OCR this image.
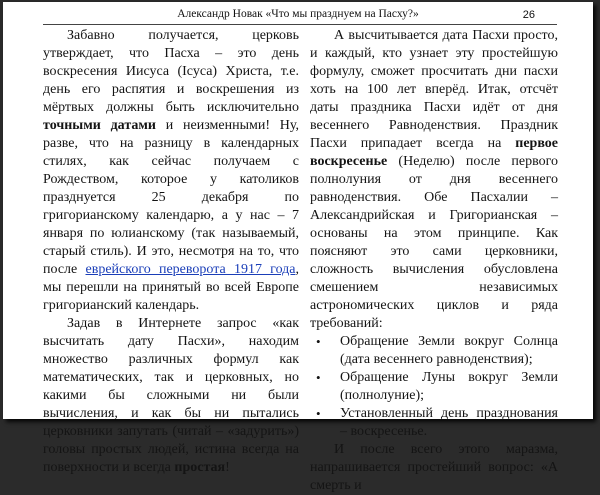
Александр Новак «Что мы празднуем на Пасху?»	26

Забавно получается, церковь утверждает, что Пасха – это день воскресения Иисуса (Ісуса) Христа, т.е. день его распятия и воскрешения из мёртвых должны быть исключительно точными датами и неизменными! Ну, разве, что на разницу в календарных стилях, как сейчас получаем с Рождеством, которое у католиков празднуется 25 декабря по григорианскому календарю, а у нас – 7 января по юлианскому (так называемый, старый стиль). И это, несмотря на то, что после еврейского переворота 1917 года, мы перешли на принятый во всей Европе григорианский календарь.

Задав в Интернете запрос «как высчитать дату Пасхи», находим множество различных формул как математических, так и церковных, но какими бы сложными ни были вычисления, и как бы ни пытались церковники запутать (читай – «задурить») головы простых людей, истина всегда на поверхности и всегда простая!

А высчитывается дата Пасхи просто, и каждый, кто узнает эту простейшую формулу, сможет просчитать дни пасхи хоть на 100 лет вперёд. Итак, отсчёт даты праздника Пасхи идёт от дня весеннего Равноденствия. Праздник Пасхи припадает всегда на первое воскресенье (Неделю) после первого полнолуния от дня весеннего равноденствия. Обе Пасхалии – Александрийская и Григорианская – основаны на этом принципе. Как поясняют это сами церковники, сложность вычисления обусловлена смешением независимых астрономических циклов и ряда требований:

• Обращение Земли вокруг Солнца (дата весеннего равноденствия);
• Обращение Луны вокруг Земли (полнолуние);
• Установленный день празднования – воскресенье.

И после всего этого маразма, напрашивается простейший вопрос: «А смерть и
